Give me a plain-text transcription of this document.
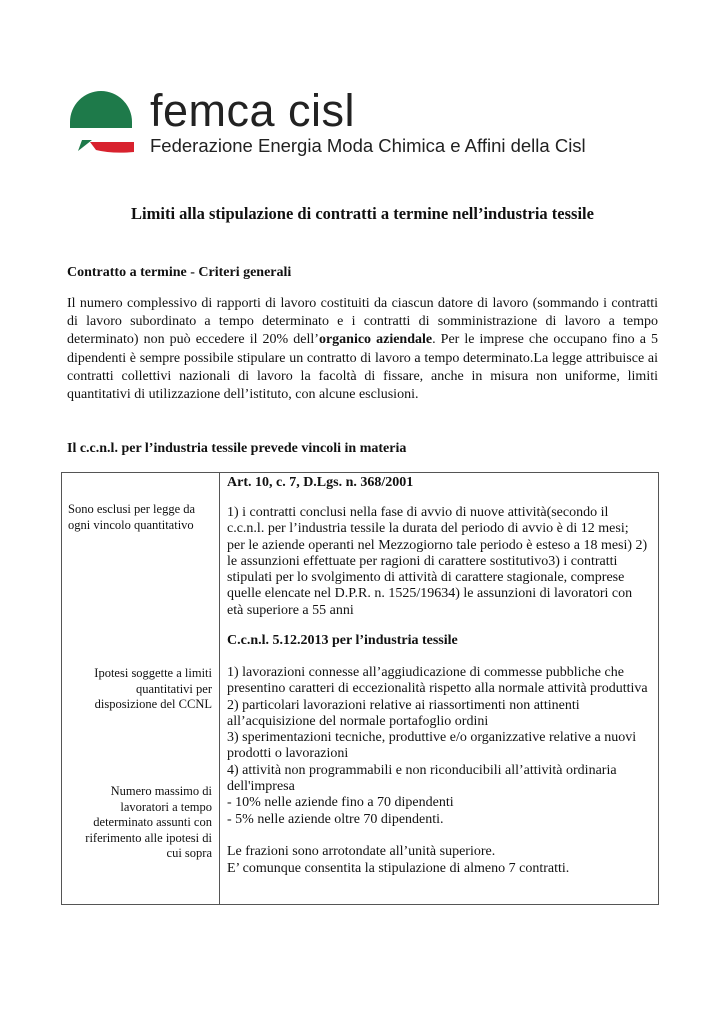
femca cisl
Federazione Energia Moda Chimica e Affini della Cisl
Limiti alla stipulazione di contratti a termine nell’industria tessile
Contratto a termine - Criteri generali
Il numero complessivo di rapporti di lavoro costituiti da ciascun datore di lavoro (sommando i contratti di lavoro subordinato a tempo determinato e i contratti di somministrazione di lavoro a tempo determinato) non può eccedere il 20% dell’organico aziendale. Per le imprese che occupano fino a 5 dipendenti è sempre possibile stipulare un contratto di lavoro a tempo determinato.La legge attribuisce ai contratti collettivi nazionali di lavoro la facoltà di fissare, anche in misura non uniforme, limiti quantitativi di utilizzazione dell’istituto, con alcune esclusioni.
Il c.c.n.l. per l’industria tessile prevede vincoli in materia
Sono esclusi per legge da ogni vincolo quantitativo
Ipotesi soggette a limiti quantitativi per disposizione del CCNL
Numero massimo di lavoratori a tempo determinato assunti con riferimento alle ipotesi di cui sopra
Art. 10, c. 7, D.Lgs. n. 368/2001
1) i contratti conclusi nella fase di avvio di nuove attività(secondo il
c.c.n.l. per l’industria tessile la durata del periodo di avvio è di 12 mesi;
per le aziende operanti nel Mezzogiorno tale periodo è esteso a 18 mesi) 2)
le assunzioni effettuate per ragioni di carattere sostitutivo3) i contratti
stipulati per lo svolgimento di attività di carattere stagionale, comprese
quelle elencate nel D.P.R. n. 1525/19634) le assunzioni di lavoratori con
età superiore a 55 anni
C.c.n.l. 5.12.2013 per l’industria tessile
1) lavorazioni connesse all’aggiudicazione di commesse pubbliche che
presentino caratteri di eccezionalità rispetto alla normale attività produttiva
2) particolari lavorazioni relative ai riassortimenti non attinenti
all’acquisizione del normale portafoglio ordini
3) sperimentazioni tecniche, produttive e/o organizzative relative a nuovi
prodotti o lavorazioni
4) attività non programmabili e non riconducibili all’attività ordinaria
dell'impresa
- 10% nelle aziende fino a 70 dipendenti
- 5% nelle aziende oltre 70 dipendenti.

Le frazioni sono arrotondate all’unità superiore.
E’ comunque consentita la stipulazione di almeno 7 contratti.
